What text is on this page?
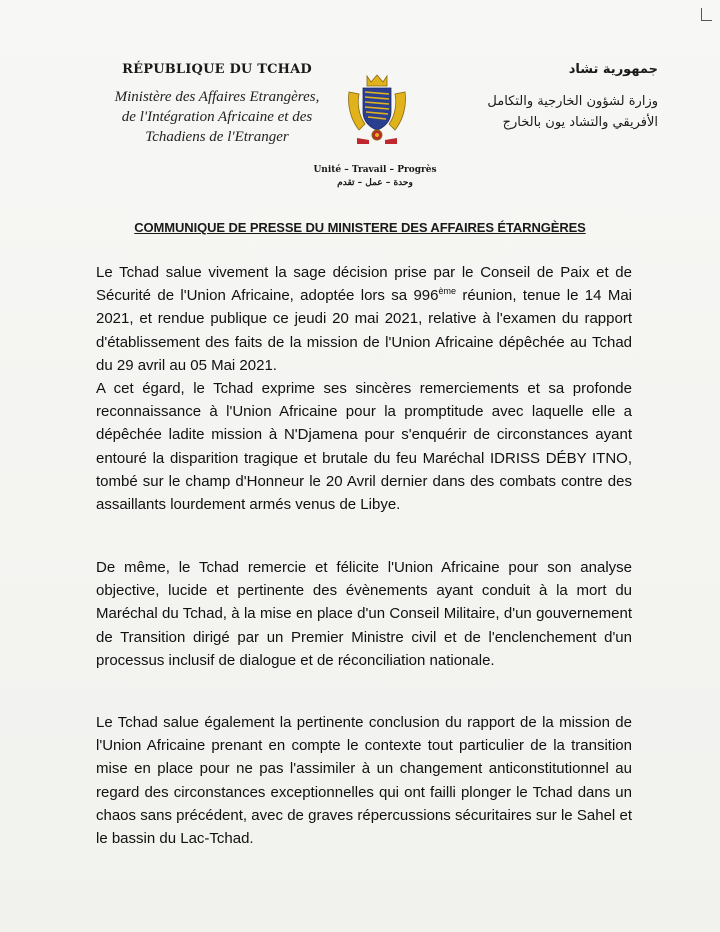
RÉPUBLIQUE DU TCHAD
Ministère des Affaires Etrangères,
de l'Intégration Africaine et des
Tchadiens de l'Etranger
جمهورية تشاد
وزارة لشؤون الخارجية والتكامل
الأفريقي والتشاد يون بالخارج
Unité – Travail – Progrès
وحدة – عمل – تقدم
COMMUNIQUE DE PRESSE DU MINISTERE DES AFFAIRES ÉTARNGÈRES
Le Tchad salue vivement la sage décision prise par le Conseil de Paix et de Sécurité de l'Union Africaine, adoptée lors sa 996ème réunion, tenue le 14 Mai 2021, et rendue publique ce jeudi 20 mai 2021, relative à l'examen du rapport d'établissement des faits de la mission de l'Union Africaine dépêchée au Tchad du 29 avril au 05 Mai 2021.
A cet égard, le Tchad exprime ses sincères remerciements et sa profonde reconnaissance à l'Union Africaine pour la promptitude avec laquelle elle a dépêchée ladite mission à N'Djamena pour s'enquérir de circonstances ayant entouré la disparition tragique et brutale du feu Maréchal IDRISS DÉBY ITNO, tombé sur le champ d'Honneur le 20 Avril dernier dans des combats contre des assaillants lourdement armés venus de Libye.
De même, le Tchad remercie et félicite l'Union Africaine pour son analyse objective, lucide et pertinente des évènements ayant conduit à la mort du Maréchal du Tchad, à la mise en place d'un Conseil Militaire, d'un gouvernement de Transition dirigé par un Premier Ministre civil et de l'enclenchement d'un processus inclusif de dialogue et de réconciliation nationale.
Le Tchad salue également la pertinente conclusion du rapport de la mission de l'Union Africaine prenant en compte le contexte tout particulier de la transition mise en place pour ne pas l'assimiler à un changement anticonstitutionnel au regard des circonstances exceptionnelles qui ont failli plonger le Tchad dans un chaos sans précédent, avec de graves répercussions sécuritaires sur le Sahel et le bassin du Lac-Tchad.
